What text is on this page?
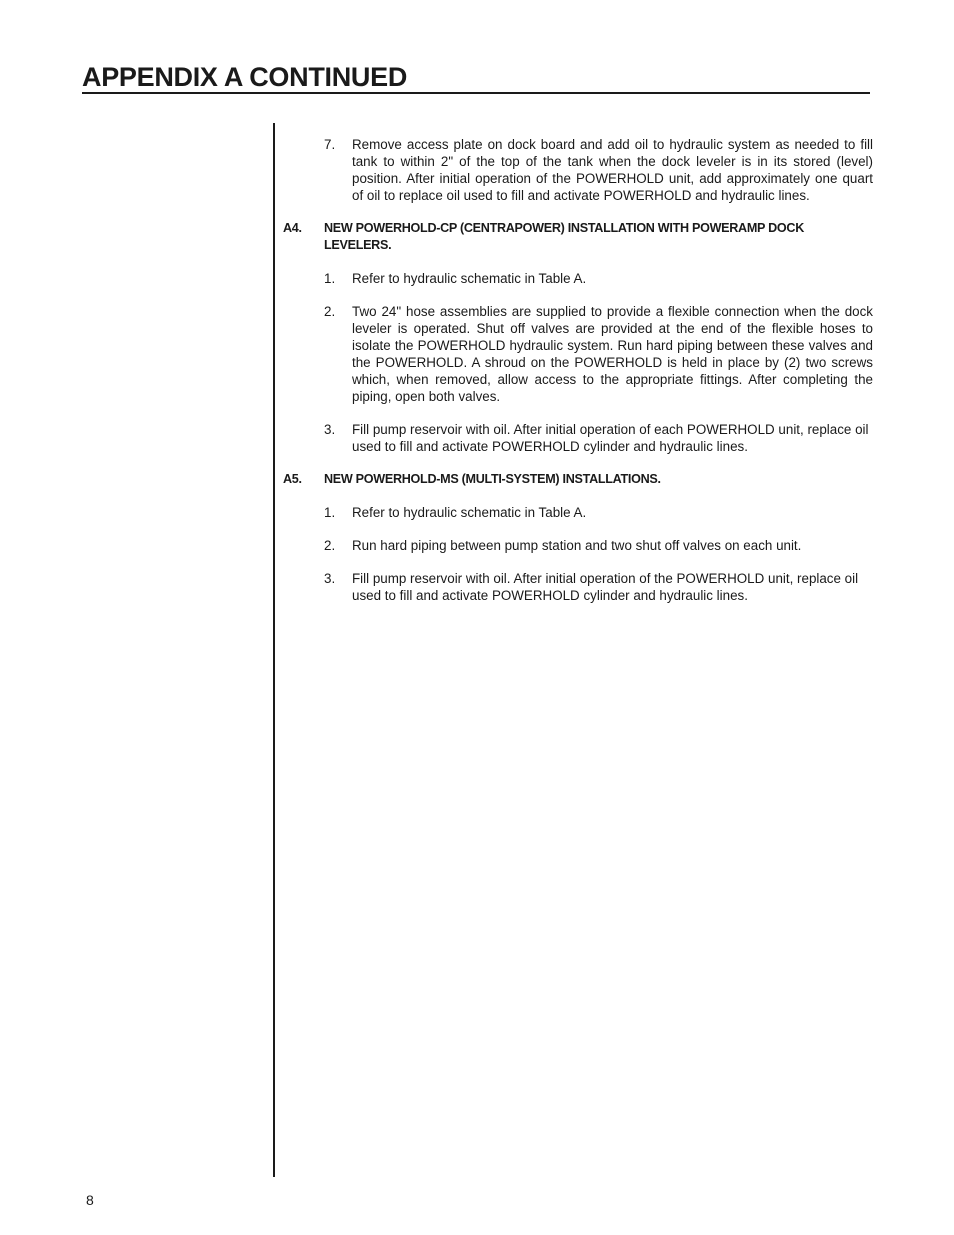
APPENDIX A CONTINUED

7. Remove access plate on dock board and add oil to hydraulic system as needed to fill tank to within 2" of the top of the tank when the dock leveler is in its stored (level) position. After initial operation of the POWERHOLD unit, add approximately one quart of oil to replace oil used to fill and activate POWERHOLD and hydraulic lines.

A4. NEW POWERHOLD-CP (CENTRAPOWER) INSTALLATION WITH POWERAMP DOCK LEVELERS.

1. Refer to hydraulic schematic in Table A.

2. Two 24" hose assemblies are supplied to provide a flexible connection when the dock leveler is operated. Shut off valves are provided at the end of the flexible hoses to isolate the POWERHOLD hydraulic system. Run hard piping between these valves and the POWERHOLD. A shroud on the POWERHOLD is held in place by (2) two screws which, when removed, allow access to the appropriate fittings. After completing the piping, open both valves.

3. Fill pump reservoir with oil. After initial operation of each POWERHOLD unit, replace oil used to fill and activate POWERHOLD cylinder and hydraulic lines.

A5. NEW POWERHOLD-MS (MULTI-SYSTEM) INSTALLATIONS.

1. Refer to hydraulic schematic in Table A.

2. Run hard piping between pump station and two shut off valves on each unit.

3. Fill pump reservoir with oil. After initial operation of the POWERHOLD unit, replace oil used to fill and activate POWERHOLD cylinder and hydraulic lines.

8
